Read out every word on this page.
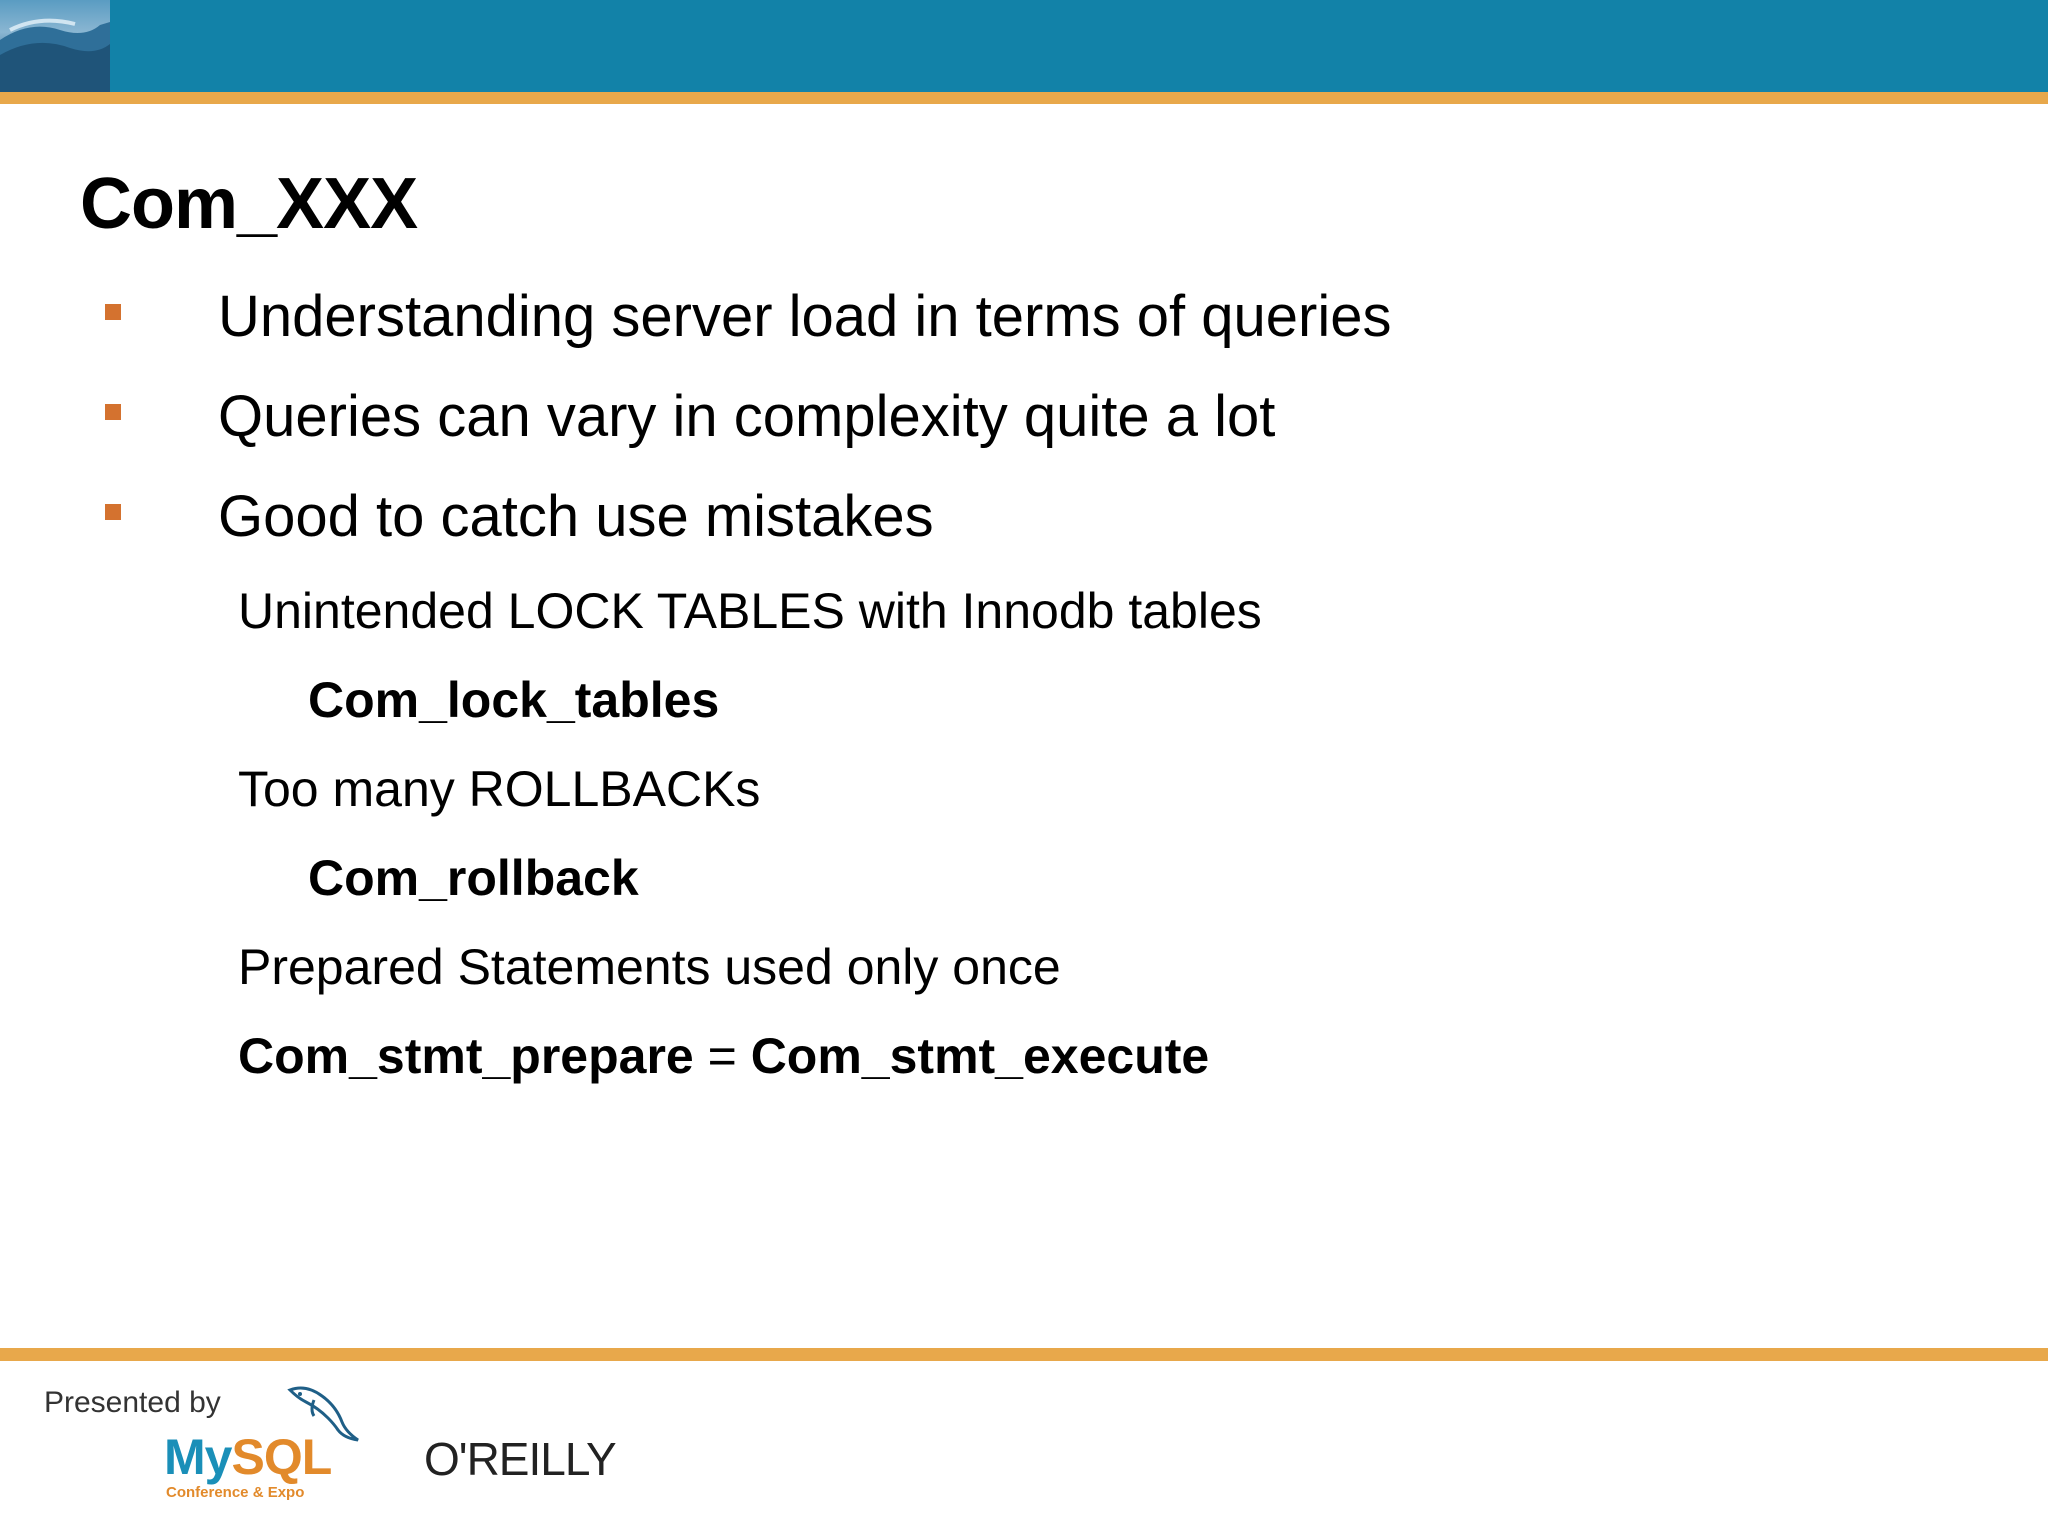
Com_XXX
Understanding server load in terms of queries
Queries can vary in complexity quite a lot
Good to catch use mistakes
Unintended LOCK TABLES with Innodb tables
Com_lock_tables
Too many ROLLBACKs
Com_rollback
Prepared Statements used only once
Com_stmt_prepare = Com_stmt_execute
Presented by
MySQL
Conference & Expo
O'REILLY
